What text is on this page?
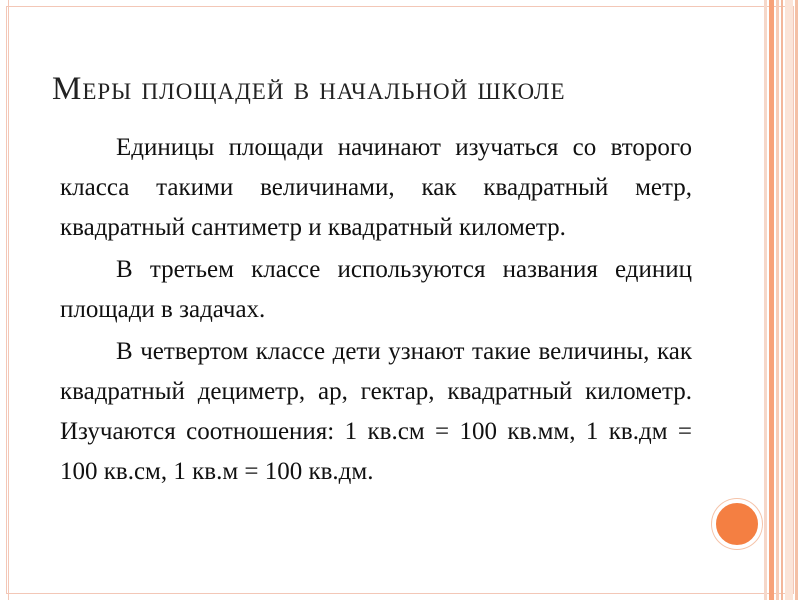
Меры площадей в начальной школе

Единицы площади начинают изучаться со второго класса такими величинами, как квадратный метр, квадратный сантиметр и квадратный километр.

В третьем классе используются названия единиц площади в задачах.

В четвертом классе дети узнают такие величины, как квадратный дециметр, ар, гектар, квадратный километр. Изучаются соотношения: 1 кв.см = 100 кв.мм, 1 кв.дм = 100 кв.см, 1 кв.м = 100 кв.дм.
